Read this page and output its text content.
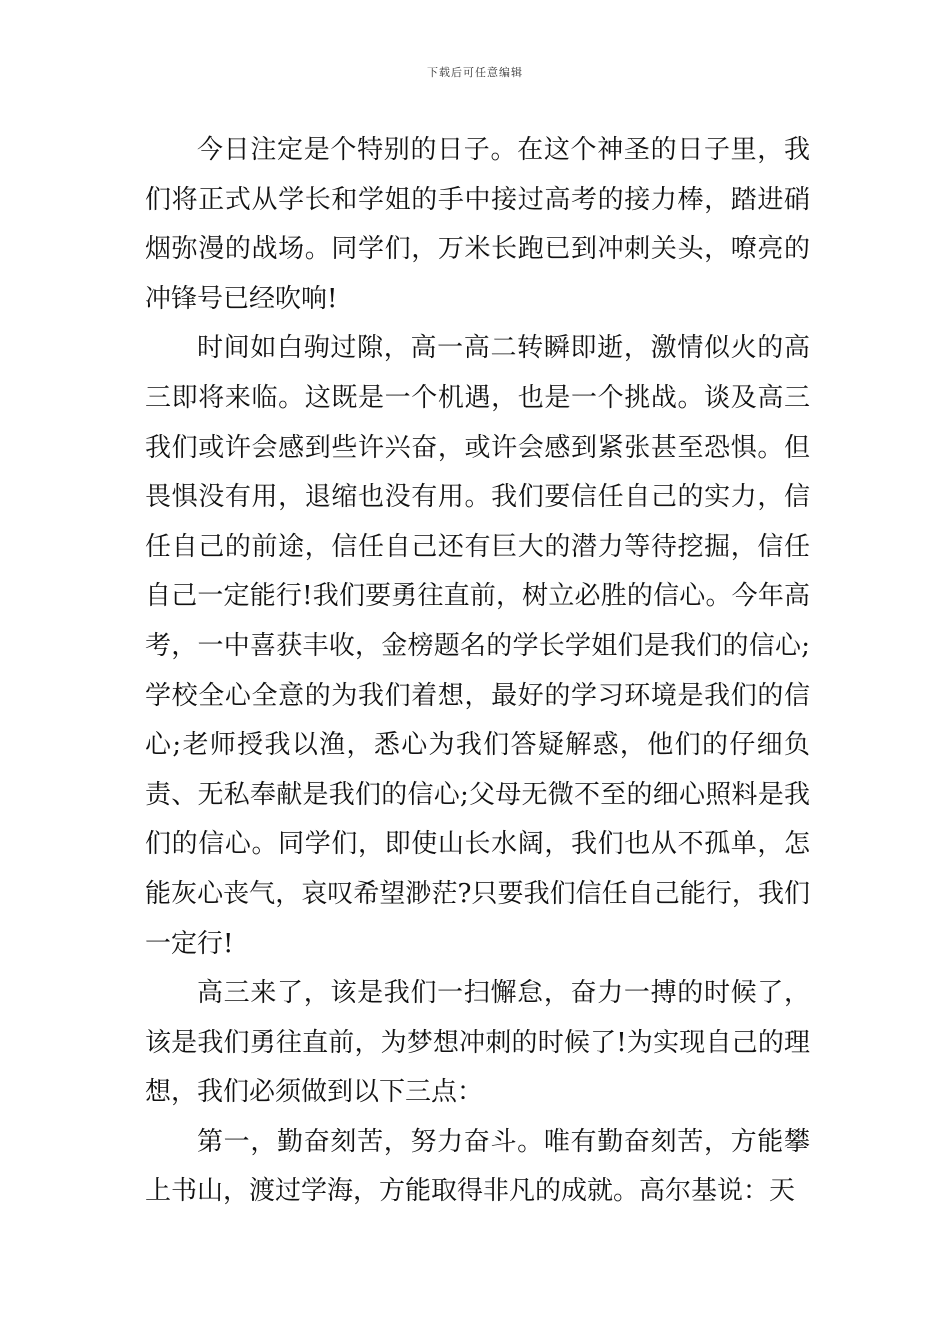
下载后可任意编辑

今日注定是个特别的日子。在这个神圣的日子里，我们将正式从学长和学姐的手中接过高考的接力棒，踏进硝烟弥漫的战场。同学们，万米长跑已到冲刺关头，嘹亮的冲锋号已经吹响!

时间如白驹过隙，高一高二转瞬即逝，激情似火的高三即将来临。这既是一个机遇，也是一个挑战。谈及高三我们或许会感到些许兴奋，或许会感到紧张甚至恐惧。但畏惧没有用，退缩也没有用。我们要信任自己的实力，信任自己的前途，信任自己还有巨大的潜力等待挖掘，信任自己一定能行!我们要勇往直前，树立必胜的信心。今年高考，一中喜获丰收，金榜题名的学长学姐们是我们的信心;学校全心全意的为我们着想，最好的学习环境是我们的信心;老师授我以渔，悉心为我们答疑解惑，他们的仔细负责、无私奉献是我们的信心;父母无微不至的细心照料是我们的信心。同学们，即使山长水阔，我们也从不孤单，怎能灰心丧气，哀叹希望渺茫?只要我们信任自己能行，我们一定行!

高三来了，该是我们一扫懈怠，奋力一搏的时候了，该是我们勇往直前，为梦想冲刺的时候了!为实现自己的理想，我们必须做到以下三点：

第一，勤奋刻苦，努力奋斗。唯有勤奋刻苦，方能攀上书山，渡过学海，方能取得非凡的成就。高尔基说：天
